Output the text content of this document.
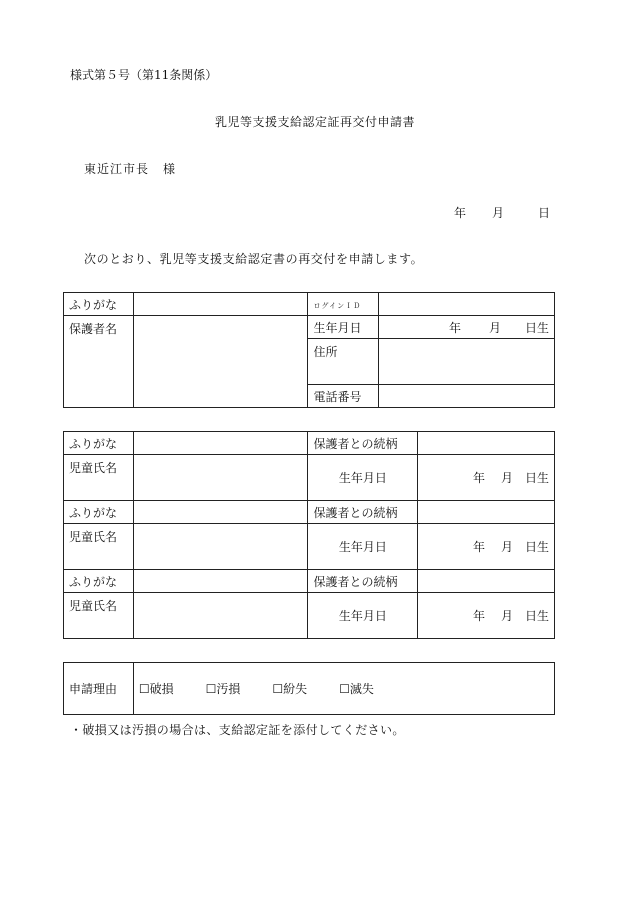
様式第５号（第11条関係）
乳児等支援支給認定証再交付申請書
東近江市長 様
年 月	日
次のとおり、乳児等支援支給認定書の再交付を申請します。
ふりがな		ログインＩＤ	
保護者名		生年月日	年 月 日生
		住所	
		電話番号	
ふりがな		保護者との続柄	
児童氏名		生年月日	年 月 日生
ふりがな		保護者との続柄	
児童氏名		生年月日	年 月 日生
ふりがな		保護者との続柄	
児童氏名		生年月日	年 月 日生
申請理由	☐破損	☐汚損	☐紛失	☐滅失
・破損又は汚損の場合は、支給認定証を添付してください。
